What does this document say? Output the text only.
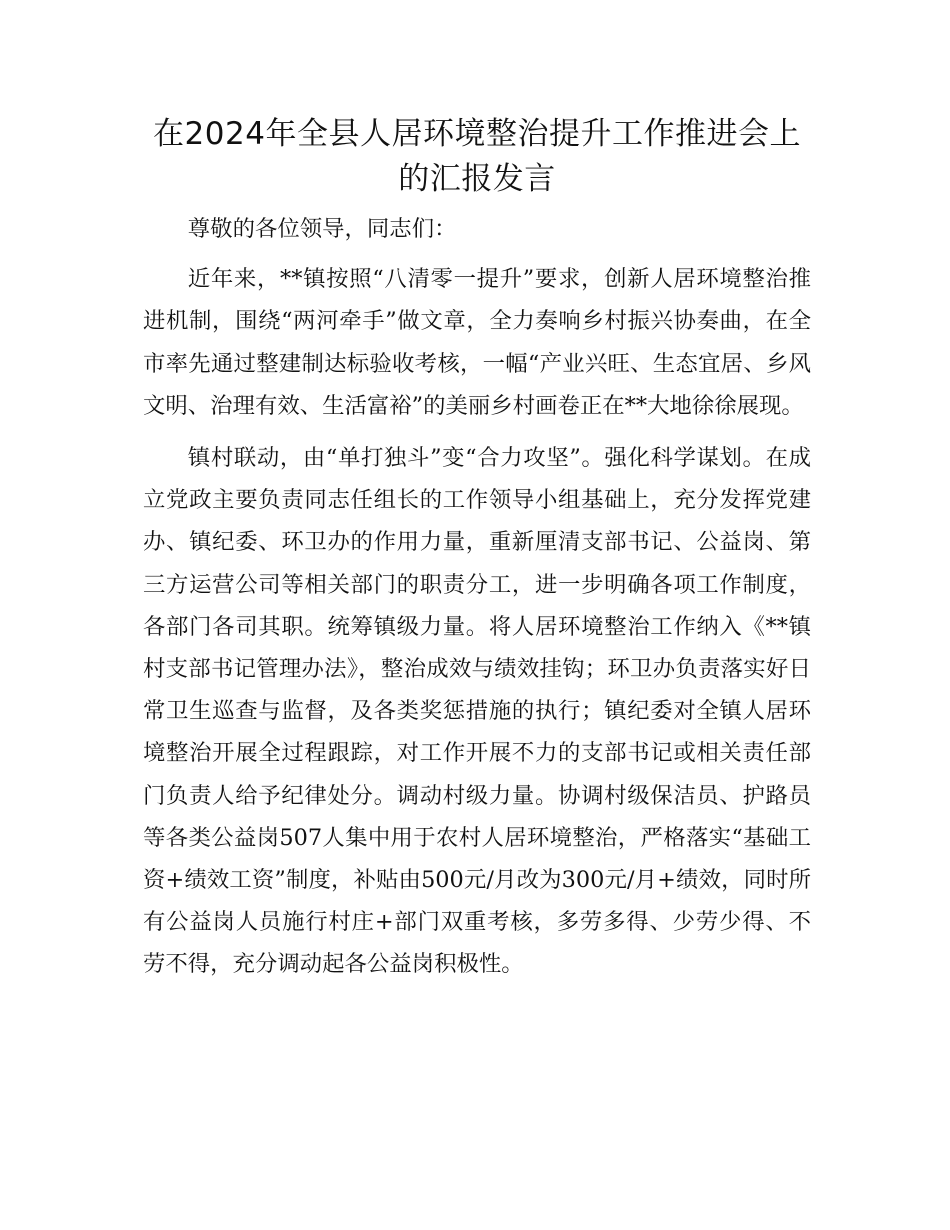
在2024年全县人居环境整治提升工作推进会上的汇报发言

尊敬的各位领导，同志们：

近年来，**镇按照“八清零一提升”要求，创新人居环境整治推进机制，围绕“两河牵手”做文章，全力奏响乡村振兴协奏曲，在全市率先通过整建制达标验收考核，一幅“产业兴旺、生态宜居、乡风文明、治理有效、生活富裕”的美丽乡村画卷正在**大地徐徐展现。

镇村联动，由“单打独斗”变“合力攻坚”。强化科学谋划。在成立党政主要负责同志任组长的工作领导小组基础上，充分发挥党建办、镇纪委、环卫办的作用力量，重新厘清支部书记、公益岗、第三方运营公司等相关部门的职责分工，进一步明确各项工作制度，各部门各司其职。统筹镇级力量。将人居环境整治工作纳入《**镇村支部书记管理办法》，整治成效与绩效挂钩；环卫办负责落实好日常卫生巡查与监督，及各类奖惩措施的执行；镇纪委对全镇人居环境整治开展全过程跟踪，对工作开展不力的支部书记或相关责任部门负责人给予纪律处分。调动村级力量。协调村级保洁员、护路员等各类公益岗507人集中用于农村人居环境整治，严格落实“基础工资+绩效工资”制度，补贴由500元/月改为300元/月+绩效，同时所有公益岗人员施行村庄+部门双重考核，多劳多得、少劳少得、不劳不得，充分调动起各公益岗积极性。
